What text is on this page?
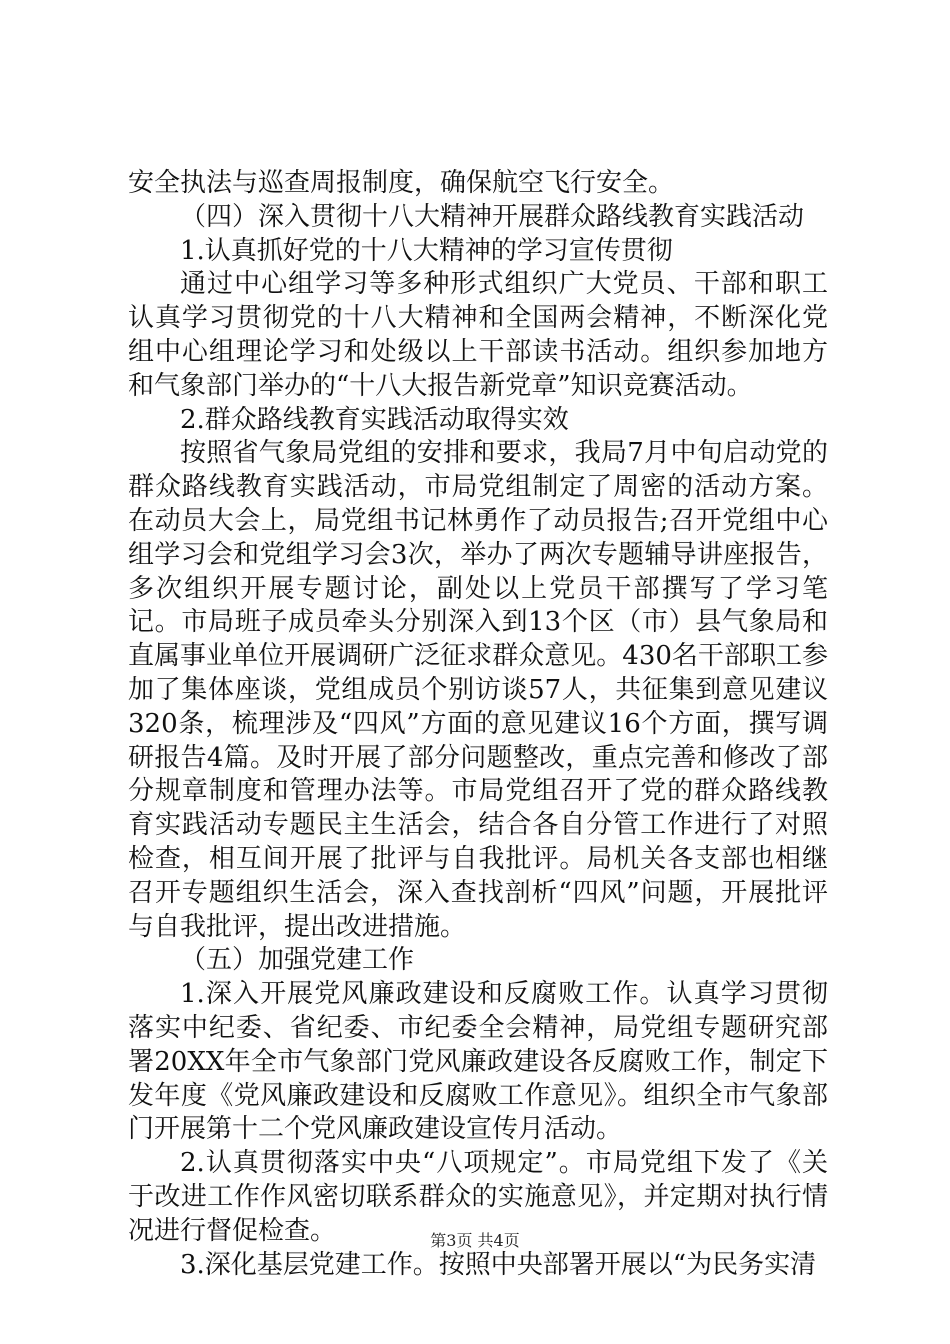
安全执法与巡查周报制度，确保航空飞行安全。

（四）深入贯彻十八大精神开展群众路线教育实践活动

1.认真抓好党的十八大精神的学习宣传贯彻

通过中心组学习等多种形式组织广大党员、干部和职工认真学习贯彻党的十八大精神和全国两会精神，不断深化党组中心组理论学习和处级以上干部读书活动。组织参加地方和气象部门举办的“十八大报告新党章”知识竞赛活动。

2.群众路线教育实践活动取得实效

按照省气象局党组的安排和要求，我局7月中旬启动党的群众路线教育实践活动，市局党组制定了周密的活动方案。在动员大会上，局党组书记林勇作了动员报告;召开党组中心组学习会和党组学习会3次，举办了两次专题辅导讲座报告，多次组织开展专题讨论，副处以上党员干部撰写了学习笔记。市局班子成员牵头分别深入到13个区（市）县气象局和直属事业单位开展调研广泛征求群众意见。430名干部职工参加了集体座谈，党组成员个别访谈57人，共征集到意见建议320条，梳理涉及“四风”方面的意见建议16个方面，撰写调研报告4篇。及时开展了部分问题整改，重点完善和修改了部分规章制度和管理办法等。市局党组召开了党的群众路线教育实践活动专题民主生活会，结合各自分管工作进行了对照检查，相互间开展了批评与自我批评。局机关各支部也相继召开专题组织生活会，深入查找剖析“四风”问题，开展批评与自我批评，提出改进措施。

（五）加强党建工作

1.深入开展党风廉政建设和反腐败工作。认真学习贯彻落实中纪委、省纪委、市纪委全会精神，局党组专题研究部署20XX年全市气象部门党风廉政建设各反腐败工作，制定下发年度《党风廉政建设和反腐败工作意见》。组织全市气象部门开展第十二个党风廉政建设宣传月活动。

2.认真贯彻落实中央“八项规定”。市局党组下发了《关于改进工作作风密切联系群众的实施意见》，并定期对执行情况进行督促检查。

3.深化基层党建工作。按照中央部署开展以“为民务实清

第3页 共4页
